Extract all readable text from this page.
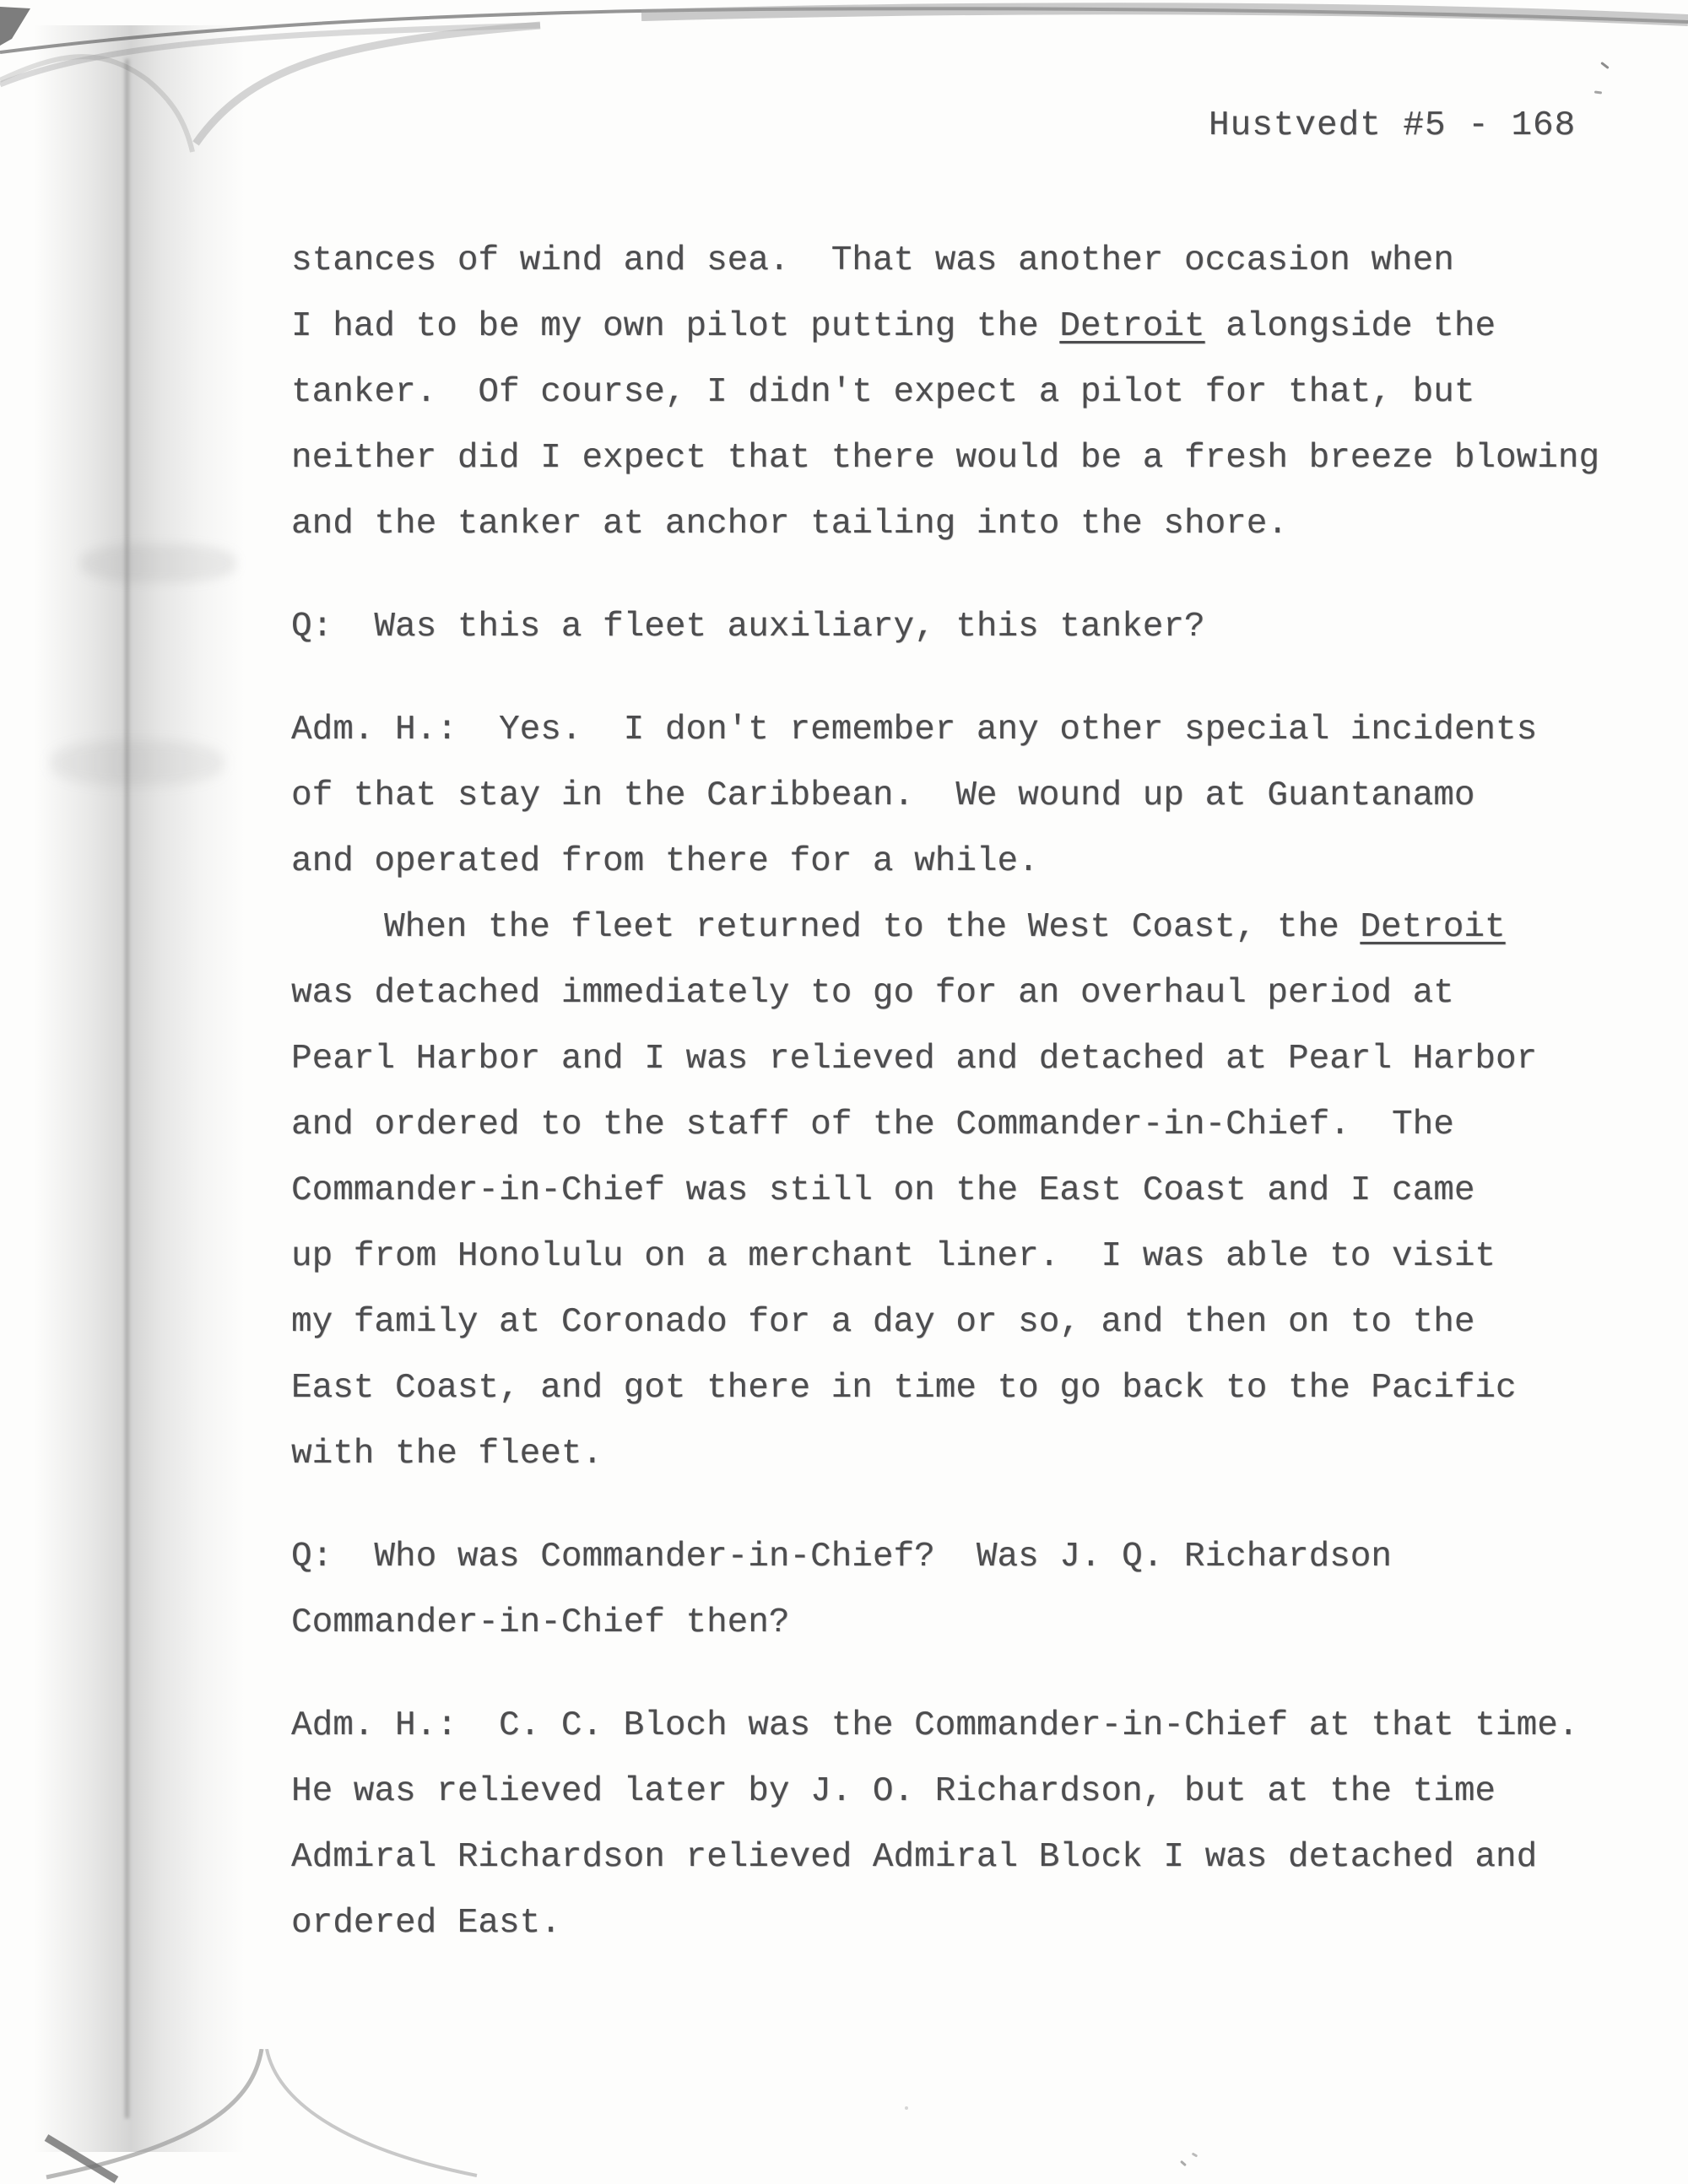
Hustvedt #5 - 168
stances of wind and sea.  That was another occasion when
I had to be my own pilot putting the Detroit alongside the
tanker.  Of course, I didn't expect a pilot for that, but
neither did I expect that there would be a fresh breeze blowing
and the tanker at anchor tailing into the shore.
Q:  Was this a fleet auxiliary, this tanker?
Adm. H.:  Yes.  I don't remember any other special incidents
of that stay in the Caribbean.  We wound up at Guantanamo
and operated from there for a while.
When the fleet returned to the West Coast, the Detroit
was detached immediately to go for an overhaul period at
Pearl Harbor and I was relieved and detached at Pearl Harbor
and ordered to the staff of the Commander-in-Chief.  The
Commander-in-Chief was still on the East Coast and I came
up from Honolulu on a merchant liner.  I was able to visit
my family at Coronado for a day or so, and then on to the
East Coast, and got there in time to go back to the Pacific
with the fleet.
Q:  Who was Commander-in-Chief?  Was J. Q. Richardson
Commander-in-Chief then?
Adm. H.:  C. C. Bloch was the Commander-in-Chief at that time.
He was relieved later by J. O. Richardson, but at the time
Admiral Richardson relieved Admiral Block I was detached and
ordered East.
